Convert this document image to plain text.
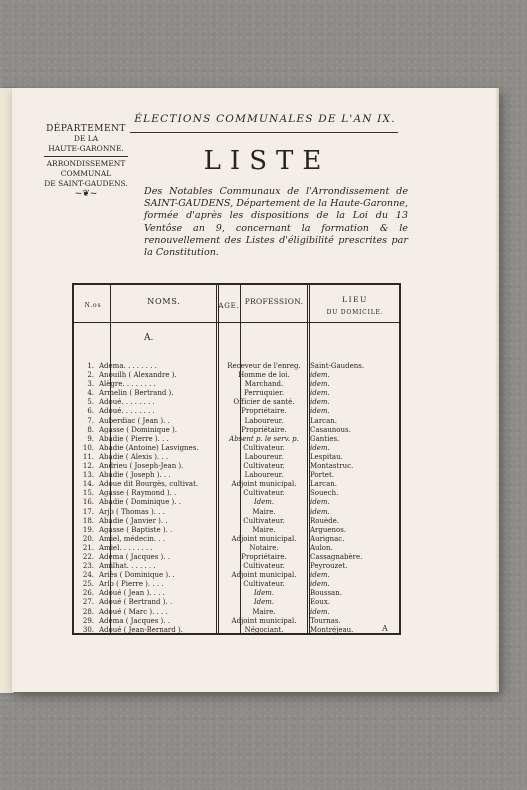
ÉLECTIONS COMMUNALES DE L'AN IX.
DÉPARTEMENT
DE LA
HAUTE-GARONNE.
ARRONDISSEMENT
COMMUNAL
DE SAINT-GAUDENS.
~❦~
LISTE
Des Notables Communaux de l'Arrondissement de SAINT-GAUDENS, Département de la Haute-Garonne, formée d'après les dispositions de la Loi du 13 Ventôse an 9, concernant la formation & le renouvellement des Listes d'éligibilité prescrites par la Constitution.
N.os	NOMS.	AGE. PROFESSION.	LIEU
DU DOMICILE.
A.
1. Adema. . . . . . . .	Receveur de l'enreg.	Saint-Gaudens.
2. Anouilh ( Alexandre ).	Homme de loi.	idem.
3. Alègre. . . . . . . .	Marchand.	idem.
4. Armelin ( Bertrand ).	Perruquier.	idem.
5. Adoué. . . . . . . .	Officier de santé.	idem.
6. Adoué. . . . . . . .	Propriétaire.	idem.
7. Auberdiac ( Jean ). .	Laboureur.	Larcan.
8. Agasse ( Dominique ).	Propriétaire.	Casaunous.
9. Abadie ( Pierre ). . .	Absent p. le serv. p.	Ganties.
10. Abadie (Antoine) Lasvignes.	Cultivateur.	idem.
11. Abadie ( Alexis ). . .	Laboureur.	Lespitau.
12. Andrieu ( Joseph-Jean ).	Cultivateur.	Montastruc.
13. Abadie ( Joseph ). . .	Laboureur.	Portet.
14. Adoue dit Bourgès, cultivat.	Adjoint municipal.	Larcan.
15. Agasse ( Raymond ). .	Cultivateur.	Souech.
16. Abadie ( Dominique ). .	Idem.	idem.
17. Arjo ( Thomas ). . .	Maire.	idem.
18. Abadie ( Janvier ). .	Cultivateur.	Rouède.
19. Agasse ( Baptiste ). .	Maire.	Arguenos.
20. Amiel, médecin. . .	Adjoint municipal.	Aurignac.
21. Amiel. . . . . . . .	Notaire.	Aulon.
22. Adema ( Jacques ). .	Propriétaire.	Cassagnabère.
23. Amilhat. . . . . . .	Cultivateur.	Peyrouzet.
24. Ariès ( Dominique ). .	Adjoint municipal.	idem.
25. Arlo ( Pierre ). . . .	Cultivateur.	idem.
26. Adoué ( Jean ). . . .	Idem.	Boussan.
27. Adoué ( Bertrand ). .	Idem.	Eoux.
28. Adoué ( Marc ). . . .	Maire.	idem.
29. Adema ( Jacques ). .	Adjoint municipal.	Tournas.
30. Adoué ( Jean-Bernard ).	Négociant.	Montréjeau.	A
